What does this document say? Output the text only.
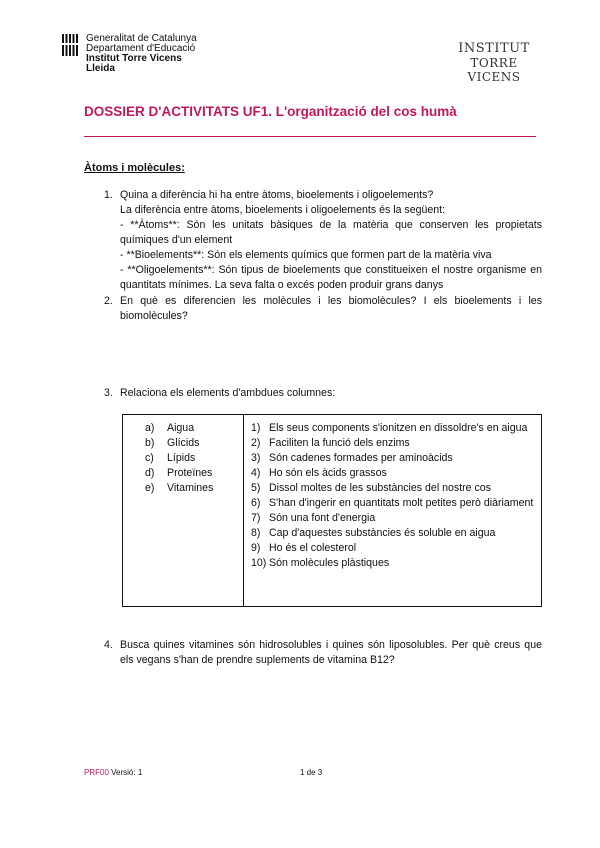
Generalitat de Catalunya
Departament d'Educació
Institut Torre Vicens
Lleida
INSTITUT
TORRE VICENS
DOSSIER D'ACTIVITATS UF1. L'organització del cos humà
Àtoms i molècules:
1. Quina a diferència hi ha entre àtoms, bioelements i oligoelements?

La diferència entre àtoms, bioelements i oligoelements és la següent:

- **Àtoms**: Són les unitats bàsiques de la matèria que conserven les propietats químiques d'un element

- **Bioelements**: Són els elements químics que formen part de la matèria viva

- **Oligoelements**: Són tipus de bioelements que constitueixen el nostre organisme en quantitats mínimes. La seva falta o excés poden produir grans danys

2. En què es diferencien les molècules i les biomolècules? I els bioelements i les biomolècules?

3. Relaciona els elements d'ambdues columnes:

a)	Aigua
b)	Glícids
c)	Lípids
d)	Proteïnes
e)	Vitamines
1) Els seus components s'ionitzen en dissoldre's en aigua
2) Faciliten la funció dels enzims
3) Són cadenes formades per aminoàcids
4) Ho són els àcids grassos
5) Dissol moltes de les substàncies del nostre cos
6) S'han d'ingerir en quantitats molt petites però diàriament
7) Són una font d'energia
8) Cap d'aquestes substàncies és soluble en aigua
9) Ho és el colesterol
10) Són molècules plàstiques
4. Busca quines vitamines són hidrosolubles i quines són liposolubles. Per què creus que els vegans s'han de prendre suplements de vitamina B12?

PRF00 Versió: 1	1 de 3
